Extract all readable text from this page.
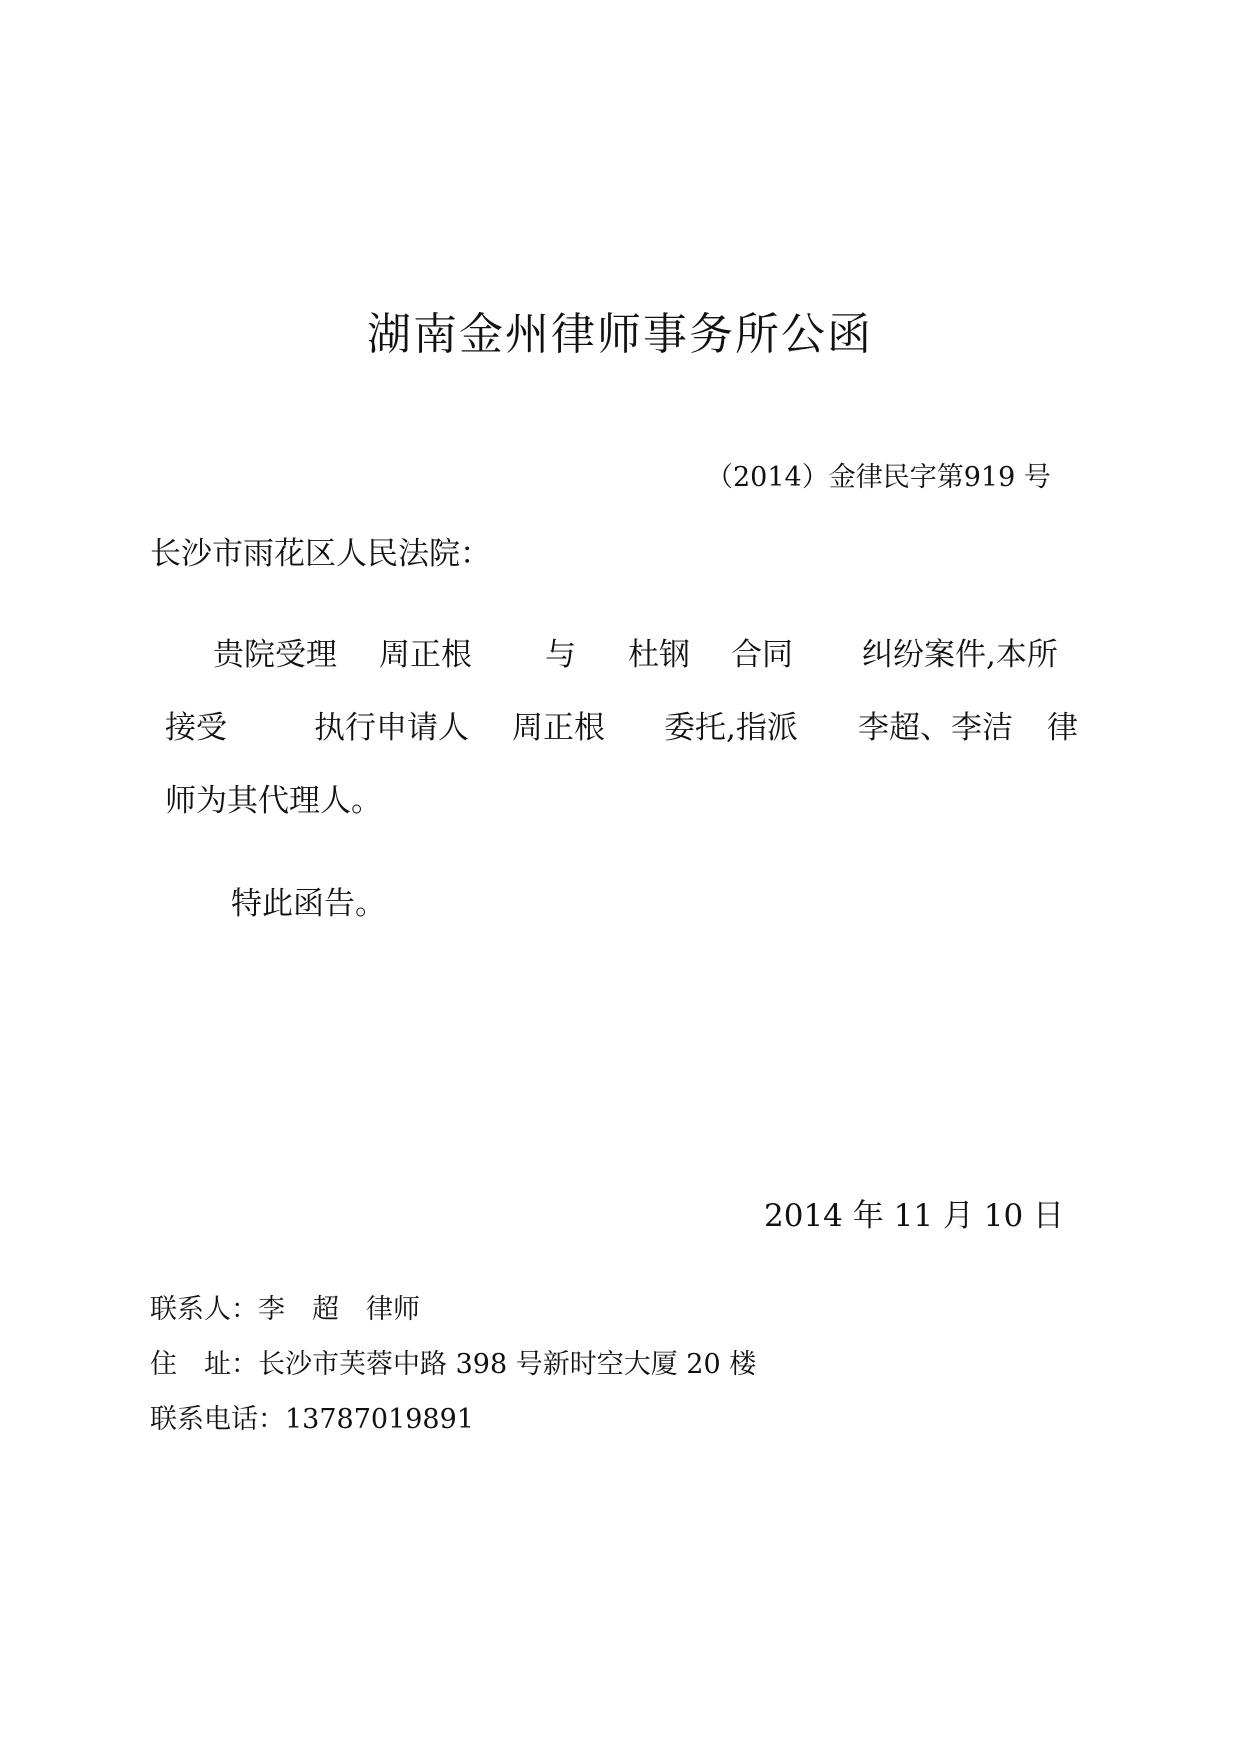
湖南金州律师事务所公函
（2014）金律民字第919 号
长沙市雨花区人民法院：
贵院受理 周正根 与 杜钢 合同 纠纷案件,本所
接受	执行申请人 周正根 委托,指派 李超、李洁 律
师为其代理人。
特此函告。
2014 年 11 月 10 日
联系人：李　超　律师
住　址：长沙市芙蓉中路 398 号新时空大厦 20 楼
联系电话：13787019891
